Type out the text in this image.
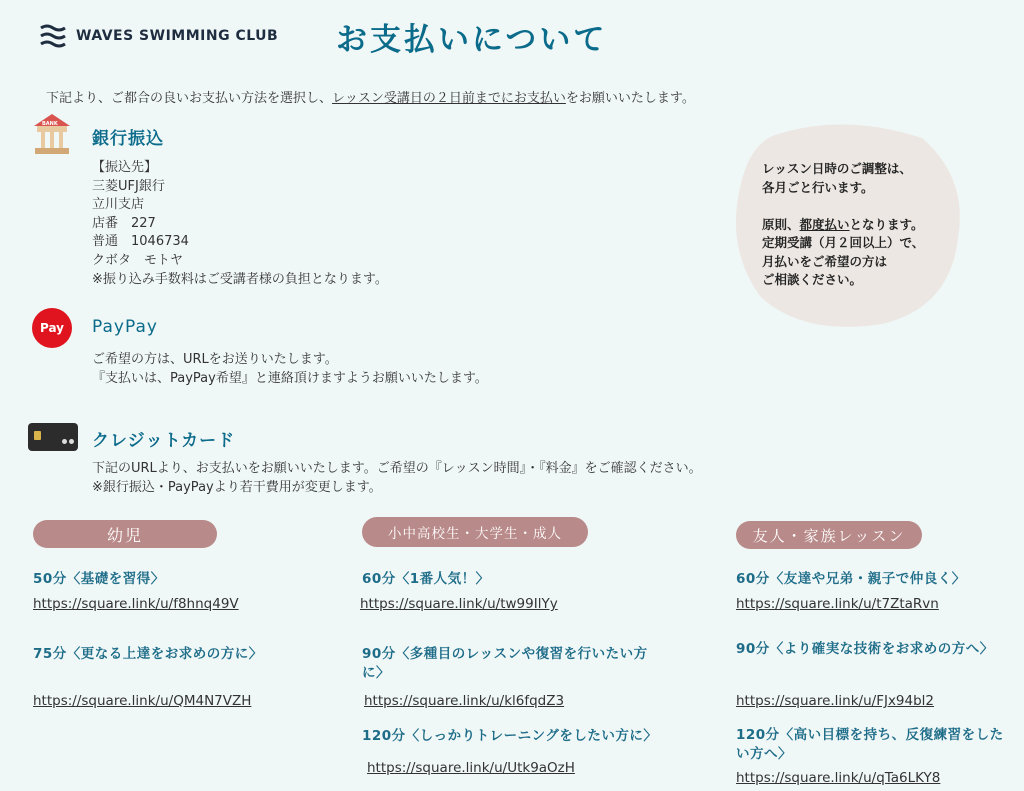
WAVES SWIMMING CLUB お支払いについて
下記より、ご都合の良いお支払い方法を選択し、レッスン受講日の２日前までにお支払いをお願いいたします。
BANK
銀行振込
【振込先】
三菱UFJ銀行
立川支店
店番　227
普通　1046734
クボタ　モトヤ
※振り込み手数料はご受講者様の負担となります。
レッスン日時のご調整は、
各月ごと行います。
原則、都度払いとなります。
定期受講（月２回以上）で、
月払いをご希望の方は
ご相談ください。
Pay PayPay
ご希望の方は、URLをお送りいたします。
『支払いは、PayPay希望』と連絡頂けますようお願いいたします。
クレジットカード
下記のURLより、お支払いをお願いいたします。ご希望の『レッスン時間』・『料金』をご確認ください。
※銀行振込・PayPayより若干費用が変更します。
幼児
50分〈基礎を習得〉
https://square.link/u/f8hnq49V
75分〈更なる上達をお求めの方に〉
https://square.link/u/QM4N7VZH
小中高校生・大学生・成人
60分〈1番人気！〉
https://square.link/u/tw99IlYy
90分〈多種目のレッスンや復習を行いたい方に〉
https://square.link/u/kl6fqdZ3
120分〈しっかりトレーニングをしたい方に〉
https://square.link/u/Utk9aOzH
友人・家族レッスン
60分〈友達や兄弟・親子で仲良く〉
https://square.link/u/t7ZtaRvn
90分〈より確実な技術をお求めの方へ〉
https://square.link/u/FJx94bl2
120分〈高い目標を持ち、反復練習をしたい方へ〉
https://square.link/u/qTa6LKY8
